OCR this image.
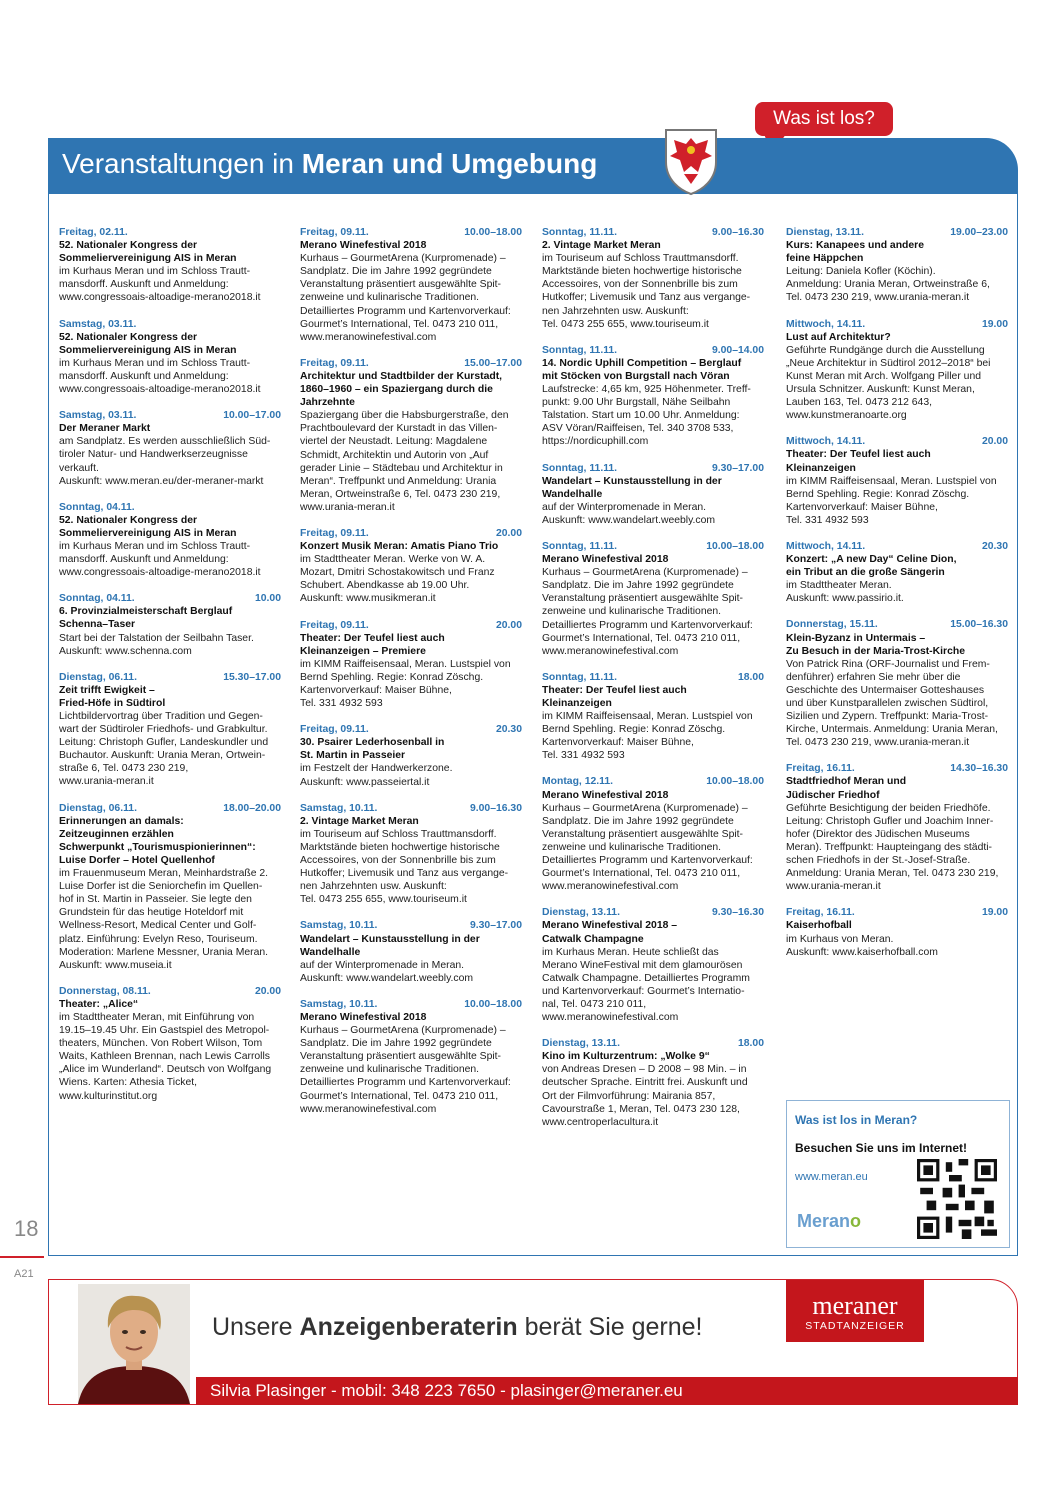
Was ist los?
Veranstaltungen in Meran und Umgebung
Freitag, 02.11.
52. Nationaler Kongress der
Sommeliervereinigung AIS in Meran
im Kurhaus Meran und im Schloss Trautt-
mansdorff. Auskunft und Anmeldung:
www.congressoais-altoadige-merano2018.it
Samstag, 03.11.
52. Nationaler Kongress der
Sommeliervereinigung AIS in Meran
im Kurhaus Meran und im Schloss Trautt-
mansdorff. Auskunft und Anmeldung:
www.congressoais-altoadige-merano2018.it
Samstag, 03.11.	10.00–17.00
Der Meraner Markt
am Sandplatz. Es werden ausschließlich Süd-
tiroler Natur- und Handwerkserzeugnisse
verkauft.
Auskunft: www.meran.eu/der-meraner-markt
Sonntag, 04.11.
52. Nationaler Kongress der
Sommeliervereinigung AIS in Meran
im Kurhaus Meran und im Schloss Trautt-
mansdorff. Auskunft und Anmeldung:
www.congressoais-altoadige-merano2018.it
Sonntag, 04.11.	10.00
6. Provinzialmeisterschaft Berglauf
Schenna–Taser
Start bei der Talstation der Seilbahn Taser.
Auskunft: www.schenna.com
Dienstag, 06.11.	15.30–17.00
Zeit trifft Ewigkeit –
Fried-Höfe in Südtirol
Lichtbildervortrag über Tradition und Gegen-
wart der Südtiroler Friedhofs- und Grabkultur.
Leitung: Christoph Gufler, Landeskundler und
Buchautor. Auskunft: Urania Meran, Ortwein-
straße 6, Tel. 0473 230 219,
www.urania-meran.it
Dienstag, 06.11.	18.00–20.00
Erinnerungen an damals:
Zeitzeuginnen erzählen
Schwerpunkt „Tourismuspionierinnen“:
Luise Dorfer – Hotel Quellenhof
im Frauenmuseum Meran, Meinhardstraße 2.
Luise Dorfer ist die Seniorchefin im Quellen-
hof in St. Martin in Passeier. Sie legte den
Grundstein für das heutige Hoteldorf mit
Wellness-Resort, Medical Center und Golf-
platz. Einführung: Evelyn Reso, Touriseum.
Moderation: Marlene Messner, Urania Meran.
Auskunft: www.museia.it
Donnerstag, 08.11.	20.00
Theater: „Alice“
im Stadttheater Meran, mit Einführung von
19.15–19.45 Uhr. Ein Gastspiel des Metropol-
theaters, München. Von Robert Wilson, Tom
Waits, Kathleen Brennan, nach Lewis Carrolls
„Alice im Wunderland“. Deutsch von Wolfgang
Wiens. Karten: Athesia Ticket,
www.kulturinstitut.org
Freitag, 09.11.	10.00–18.00
Merano Winefestival 2018
Kurhaus – GourmetArena (Kurpromenade) –
Sandplatz. Die im Jahre 1992 gegründete
Veranstaltung präsentiert ausgewählte Spit-
zenweine und kulinarische Traditionen.
Detailliertes Programm und Kartenvorverkauf:
Gourmet’s International, Tel. 0473 210 011,
www.meranowinefestival.com
Freitag, 09.11.	15.00–17.00
Architektur und Stadtbilder der Kurstadt,
1860–1960 – ein Spaziergang durch die
Jahrzehnte
Spaziergang über die Habsburgerstraße, den
Prachtboulevard der Kurstadt in das Villen-
viertel der Neustadt. Leitung: Magdalene
Schmidt, Architektin und Autorin von „Auf
gerader Linie – Städtebau und Architektur in
Meran“. Treffpunkt und Anmeldung: Urania
Meran, Ortweinstraße 6, Tel. 0473 230 219,
www.urania-meran.it
Freitag, 09.11.	20.00
Konzert Musik Meran: Amatis Piano Trio
im Stadttheater Meran. Werke von W. A.
Mozart, Dmitri Schostakowitsch und Franz
Schubert. Abendkasse ab 19.00 Uhr.
Auskunft: www.musikmeran.it
Freitag, 09.11.	20.00
Theater: Der Teufel liest auch
Kleinanzeigen – Premiere
im KIMM Raiffeisensaal, Meran. Lustspiel von
Bernd Spehling. Regie: Konrad Zöschg.
Kartenvorverkauf: Maiser Bühne,
Tel. 331 4932 593
Freitag, 09.11.	20.30
30. Psairer Lederhosenball in
St. Martin in Passeier
im Festzelt der Handwerkerzone.
Auskunft: www.passeiertal.it
Samstag, 10.11.	9.00–16.30
2. Vintage Market Meran
im Touriseum auf Schloss Trauttmansdorff.
Marktstände bieten hochwertige historische
Accessoires, von der Sonnenbrille bis zum
Hutkoffer; Livemusik und Tanz aus vergange-
nen Jahrzehnten usw. Auskunft:
Tel. 0473 255 655, www.touriseum.it
Samstag, 10.11.	9.30–17.00
Wandelart – Kunstausstellung in der
Wandelhalle
auf der Winterpromenade in Meran.
Auskunft: www.wandelart.weebly.com
Samstag, 10.11.	10.00–18.00
Merano Winefestival 2018
Kurhaus – GourmetArena (Kurpromenade) –
Sandplatz. Die im Jahre 1992 gegründete
Veranstaltung präsentiert ausgewählte Spit-
zenweine und kulinarische Traditionen.
Detailliertes Programm und Kartenvorverkauf:
Gourmet’s International, Tel. 0473 210 011,
www.meranowinefestival.com
Sonntag, 11.11.	9.00–16.30
2. Vintage Market Meran
im Touriseum auf Schloss Trauttmansdorff.
Marktstände bieten hochwertige historische
Accessoires, von der Sonnenbrille bis zum
Hutkoffer; Livemusik und Tanz aus vergange-
nen Jahrzehnten usw. Auskunft:
Tel. 0473 255 655, www.touriseum.it
Sonntag, 11.11.	9.00–14.00
14. Nordic Uphill Competition – Berglauf
mit Stöcken von Burgstall nach Vöran
Laufstrecke: 4,65 km, 925 Höhenmeter. Treff-
punkt: 9.00 Uhr Burgstall, Nähe Seilbahn
Talstation. Start um 10.00 Uhr. Anmeldung:
ASV Vöran/Raiffeisen, Tel. 340 3708 533,
https://nordicuphill.com
Sonntag, 11.11.	9.30–17.00
Wandelart – Kunstausstellung in der
Wandelhalle
auf der Winterpromenade in Meran.
Auskunft: www.wandelart.weebly.com
Sonntag, 11.11.	10.00–18.00
Merano Winefestival 2018
Kurhaus – GourmetArena (Kurpromenade) –
Sandplatz. Die im Jahre 1992 gegründete
Veranstaltung präsentiert ausgewählte Spit-
zenweine und kulinarische Traditionen.
Detailliertes Programm und Kartenvorverkauf:
Gourmet’s International, Tel. 0473 210 011,
www.meranowinefestival.com
Sonntag, 11.11.	18.00
Theater: Der Teufel liest auch
Kleinanzeigen
im KIMM Raiffeisensaal, Meran. Lustspiel von
Bernd Spehling. Regie: Konrad Zöschg.
Kartenvorverkauf: Maiser Bühne,
Tel. 331 4932 593
Montag, 12.11.	10.00–18.00
Merano Winefestival 2018
Kurhaus – GourmetArena (Kurpromenade) –
Sandplatz. Die im Jahre 1992 gegründete
Veranstaltung präsentiert ausgewählte Spit-
zenweine und kulinarische Traditionen.
Detailliertes Programm und Kartenvorverkauf:
Gourmet’s International, Tel. 0473 210 011,
www.meranowinefestival.com
Dienstag, 13.11.	9.30–16.30
Merano Winefestival 2018 –
Catwalk Champagne
im Kurhaus Meran. Heute schließt das
Merano WineFestival mit dem glamourösen
Catwalk Champagne. Detailliertes Programm
und Kartenvorverkauf: Gourmet’s Internatio-
nal, Tel. 0473 210 011,
www.meranowinefestival.com
Dienstag, 13.11.	18.00
Kino im Kulturzentrum: „Wolke 9“
von Andreas Dresen – D 2008 – 98 Min. – in
deutscher Sprache. Eintritt frei. Auskunft und
Ort der Filmvorführung: Mairania 857,
Cavourstraße 1, Meran, Tel. 0473 230 128,
www.centroperlacultura.it
Dienstag, 13.11.	19.00–23.00
Kurs: Kanapees und andere
feine Häppchen
Leitung: Daniela Kofler (Köchin).
Anmeldung: Urania Meran, Ortweinstraße 6,
Tel. 0473 230 219, www.urania-meran.it
Mittwoch, 14.11.	19.00
Lust auf Architektur?
Geführte Rundgänge durch die Ausstellung
„Neue Architektur in Südtirol 2012–2018“ bei
Kunst Meran mit Arch. Wolfgang Piller und
Ursula Schnitzer. Auskunft: Kunst Meran,
Lauben 163, Tel. 0473 212 643,
www.kunstmeranoarte.org
Mittwoch, 14.11.	20.00
Theater: Der Teufel liest auch
Kleinanzeigen
im KIMM Raiffeisensaal, Meran. Lustspiel von
Bernd Spehling. Regie: Konrad Zöschg.
Kartenvorverkauf: Maiser Bühne,
Tel. 331 4932 593
Mittwoch, 14.11.	20.30
Konzert: „A new Day“ Celine Dion,
ein Tribut an die große Sängerin
im Stadttheater Meran.
Auskunft: www.passirio.it.
Donnerstag, 15.11.	15.00–16.30
Klein-Byzanz in Untermais –
Zu Besuch in der Maria-Trost-Kirche
Von Patrick Rina (ORF-Journalist und Frem-
denführer) erfahren Sie mehr über die
Geschichte des Untermaiser Gotteshauses
und über Kunstparallelen zwischen Südtirol,
Sizilien und Zypern. Treffpunkt: Maria-Trost-
Kirche, Untermais. Anmeldung: Urania Meran,
Tel. 0473 230 219, www.urania-meran.it
Freitag, 16.11.	14.30–16.30
Stadtfriedhof Meran und
Jüdischer Friedhof
Geführte Besichtigung der beiden Friedhöfe.
Leitung: Christoph Gufler und Joachim Inner-
hofer (Direktor des Jüdischen Museums
Meran). Treffpunkt: Haupteingang des städti-
schen Friedhofs in der St.-Josef-Straße.
Anmeldung: Urania Meran, Tel. 0473 230 219,
www.urania-meran.it
Freitag, 16.11.	19.00
Kaiserhofball
im Kurhaus von Meran.
Auskunft: www.kaiserhofball.com
Was ist los in Meran?
Besuchen Sie uns im Internet!
www.meran.eu
Merano
18
A21
Unsere Anzeigenberaterin berät Sie gerne!
meraner
STADTANZEIGER
Silvia Plasinger - mobil: 348 223 7650 - plasinger@meraner.eu
